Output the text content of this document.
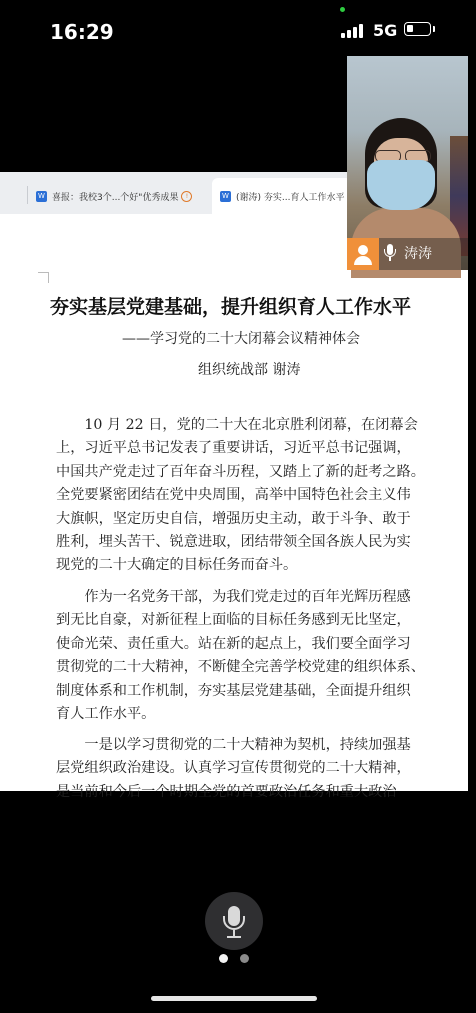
16:29	5G
W 喜报：我校3个...个好"优秀成果	!	W (谢涛) 夯实...育人工作水平
夯实基层党建基础，提升组织育人工作水平
——学习党的二十大闭幕会议精神体会
组织统战部 谢涛
　　10 月 22 日，党的二十大在北京胜利闭幕，在闭幕会
上，习近平总书记发表了重要讲话，习近平总书记强调，
中国共产党走过了百年奋斗历程，又踏上了新的赶考之路。
全党要紧密团结在党中央周围，高举中国特色社会主义伟
大旗帜，坚定历史自信，增强历史主动，敢于斗争、敢于
胜利，埋头苦干、锐意进取，团结带领全国各族人民为实
现党的二十大确定的目标任务而奋斗。
　　作为一名党务干部，为我们党走过的百年光辉历程感
到无比自豪，对新征程上面临的目标任务感到无比坚定，
使命光荣、责任重大。站在新的起点上，我们要全面学习
贯彻党的二十大精神，不断健全完善学校党建的组织体系、
制度体系和工作机制，夯实基层党建基础，全面提升组织
育人工作水平。
　　一是以学习贯彻党的二十大精神为契机，持续加强基
层党组织政治建设。认真学习宣传贯彻党的二十大精神，
是当前和今后一个时期全党的首要政治任务和重大政治
涛涛
